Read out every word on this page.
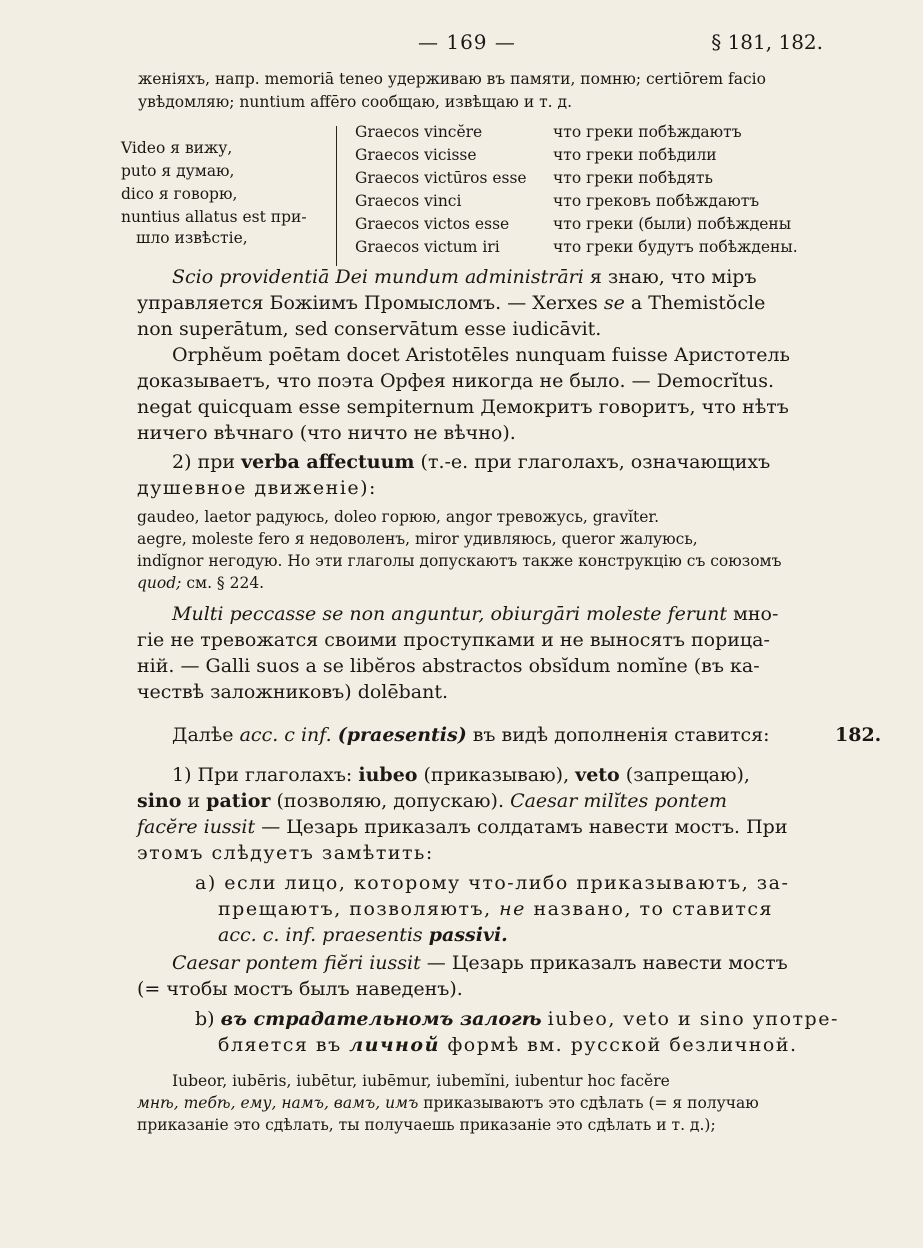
— 169 —	§ 181, 182.
женіяхъ, напр. memoriā teneo удерживаю въ памяти, помню; certiōrem facio
увѣдомляю; nuntium affēro сообщаю, извѣщаю и т. д.
Video я вижу,
puto я думаю,
dico я говорю,
nuntius allatus est при-
шло извѣстіе,
Graecos vincĕre
Graecos vicisse
Graecos victūros esse
Graecos vinci
Graecos victos esse
Graecos victum iri
что греки побѣждаютъ
что греки побѣдили
что греки побѣдять
что грековъ побѣждаютъ
что греки (были) побѣждены
что греки будутъ побѣждены.
Scio providentiā Dei mundum administrāri я знаю, что міръ
управляется Божіимъ Промысломъ. — Xerxes se a Themistŏcle
non superātum, sed conservātum esse iudicāvit.
Orphĕum poētam docet Aristotēles nunquam fuisse Аристотель
доказываетъ, что поэта Орфея никогда не было. — Democrĭtus.
negat quicquam esse sempiternum Демокритъ говоритъ, что нѣтъ
ничего вѣчнаго (что ничто не вѣчно).
2) при verba affectuum (т.-е. при глаголахъ, означающихъ
душевное движеніе):
gaudeo, laetor радуюсь, doleo горюю, angor тревожусь, gravĭter.
aegre, moleste fero я недоволенъ, miror удивляюсь, queror жалуюсь,
indĭgnor негодую. Но эти глаголы допускаютъ также конструкцію съ союзомъ
quod; см. § 224.
Multi peccasse se non anguntur, obiurgāri moleste ferunt мно-
гіе не тревожатся своими проступками и не выносятъ порица-
ній. — Galli suos a se libĕros abstractos obsĭdum nomĭne (въ ка-
чествѣ заложниковъ) dolēbant.
Далѣе acc. c inf. (praesentis) въ видѣ дополненія ставится:	182.
1) При глаголахъ: iubeo (приказываю), veto (запрещаю),
sino и patior (позволяю, допускаю). Caesar milĭtes pontem
facĕre iussit — Цезарь приказалъ солдатамъ навести мостъ. При
этомъ слѣдуетъ замѣтить:
а) если лицо, которому что-либо приказываютъ, за-
прещаютъ, позволяютъ, не названо, то ставится
acc. c. inf. praesentis passivi.
Caesar pontem fiĕri iussit — Цезарь приказалъ навести мостъ
(= чтобы мостъ былъ наведенъ).
b) въ страдательномъ залогѣ iubeo, veto и sino употре-
бляется въ личной формѣ вм. русской безличной.
Iubeor, iubēris, iubētur, iubēmur, iubemĭni, iubentur hoc facĕre
мнѣ, тебѣ, ему, намъ, вамъ, имъ приказываютъ это сдѣлать (= я получаю
приказаніе это сдѣлать, ты получаешь приказаніе это сдѣлать и т. д.);
